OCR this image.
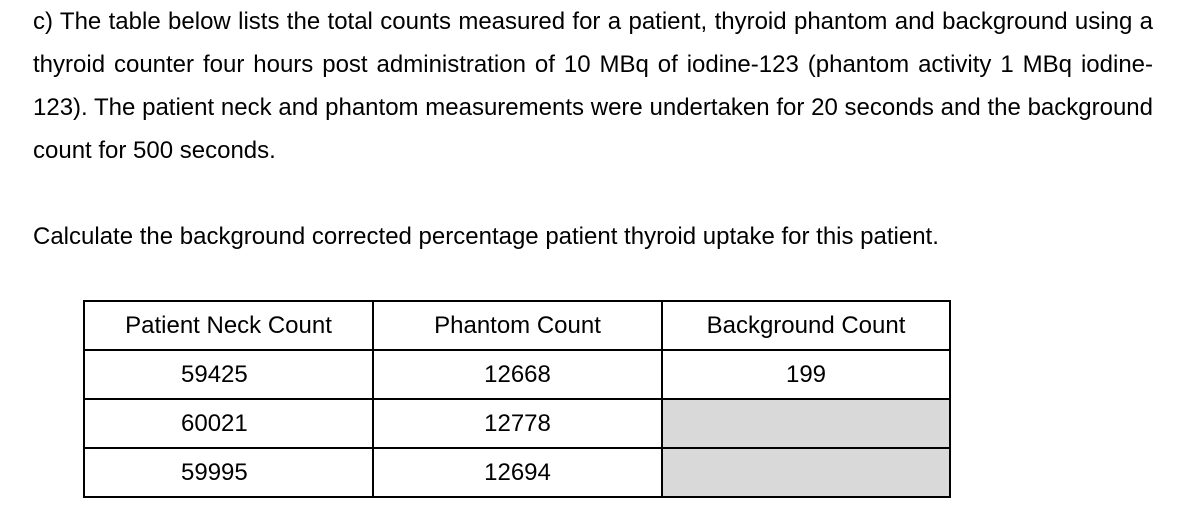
c) The table below lists the total counts measured for a patient, thyroid phantom and background using a thyroid counter four hours post administration of 10 MBq of iodine-123 (phantom activity 1 MBq iodine-123). The patient neck and phantom measurements were undertaken for 20 seconds and the background count for 500 seconds.

Calculate the background corrected percentage patient thyroid uptake for this patient.

Patient Neck Count	Phantom Count	Background Count
59425	12668	199
60021	12778	
59995	12694	
